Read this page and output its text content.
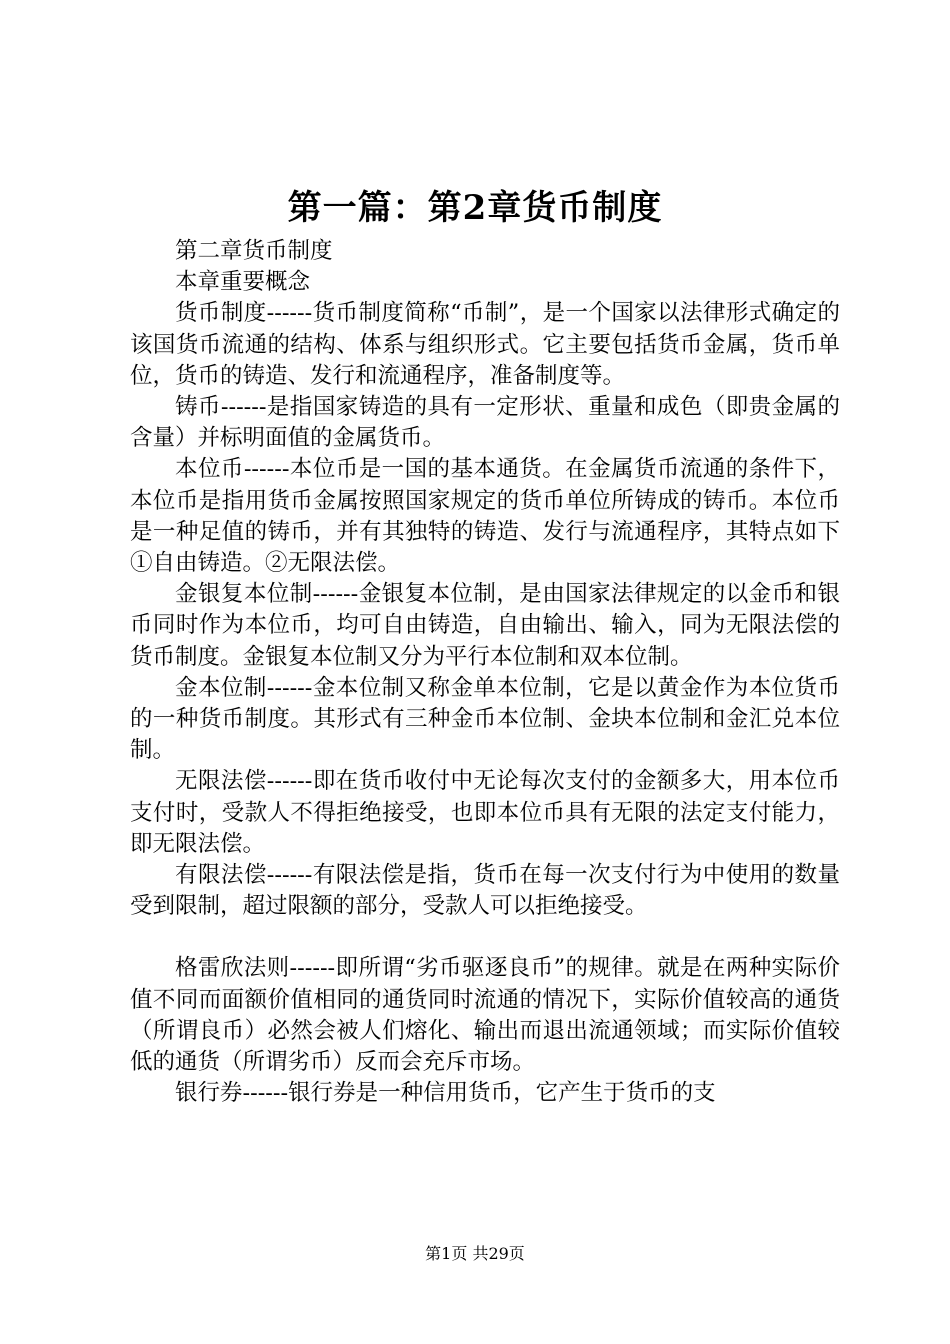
第一篇：第2章货币制度

第二章货币制度

本章重要概念

货币制度------货币制度简称“币制”，是一个国家以法律形式确定的该国货币流通的结构、体系与组织形式。它主要包括货币金属，货币单位，货币的铸造、发行和流通程序，准备制度等。

铸币------是指国家铸造的具有一定形状、重量和成色（即贵金属的含量）并标明面值的金属货币。

本位币------本位币是一国的基本通货。在金属货币流通的条件下，本位币是指用货币金属按照国家规定的货币单位所铸成的铸币。本位币是一种足值的铸币，并有其独特的铸造、发行与流通程序，其特点如下①自由铸造。②无限法偿。

金银复本位制------金银复本位制，是由国家法律规定的以金币和银币同时作为本位币，均可自由铸造，自由输出、输入，同为无限法偿的货币制度。金银复本位制又分为平行本位制和双本位制。

金本位制------金本位制又称金单本位制，它是以黄金作为本位货币的一种货币制度。其形式有三种金币本位制、金块本位制和金汇兑本位制。

无限法偿------即在货币收付中无论每次支付的金额多大，用本位币支付时，受款人不得拒绝接受，也即本位币具有无限的法定支付能力，即无限法偿。

有限法偿------有限法偿是指，货币在每一次支付行为中使用的数量受到限制，超过限额的部分，受款人可以拒绝接受。

格雷欣法则------即所谓“劣币驱逐良币”的规律。就是在两种实际价值不同而面额价值相同的通货同时流通的情况下，实际价值较高的通货（所谓良币）必然会被人们熔化、输出而退出流通领域；而实际价值较低的通货（所谓劣币）反而会充斥市场。

银行券------银行券是一种信用货币，它产生于货币的支

第1页 共29页
